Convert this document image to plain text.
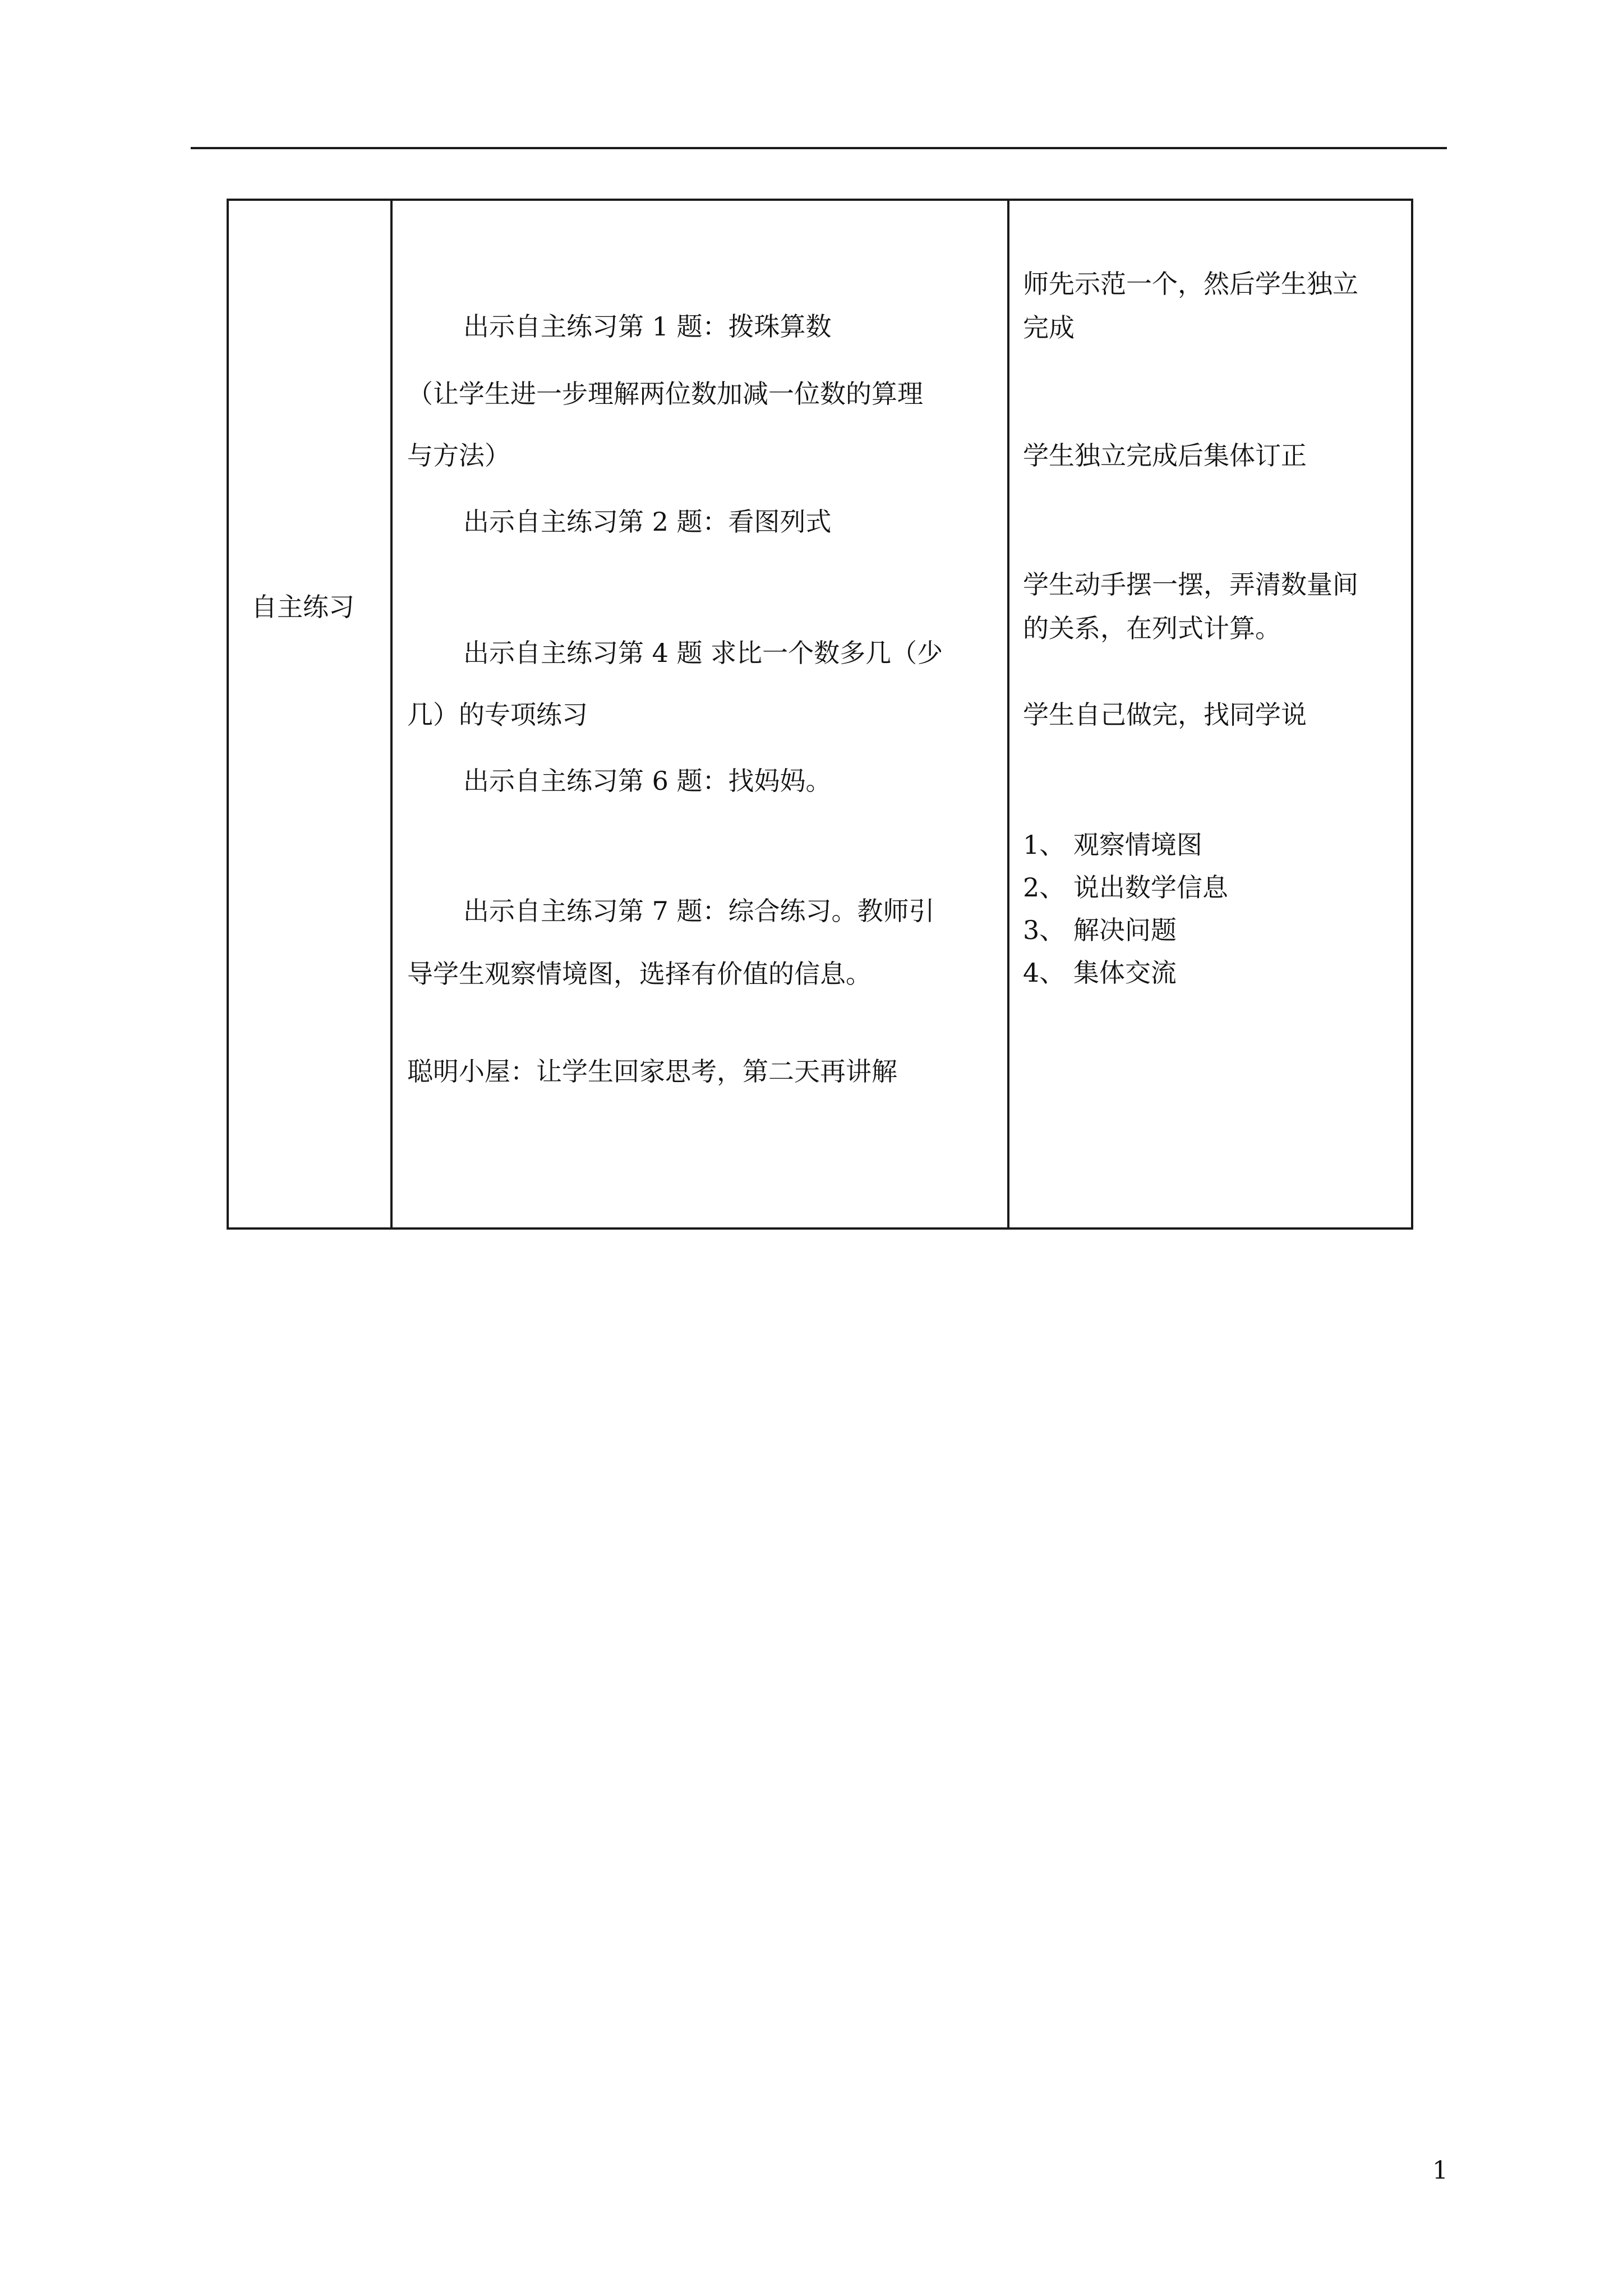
自主练习
出示自主练习第 1 题：拨珠算数
（让学生进一步理解两位数加减一位数的算理
与方法）
出示自主练习第 2 题：看图列式
出示自主练习第 4 题 求比一个数多几（少
几）的专项练习
出示自主练习第 6 题：找妈妈。
出示自主练习第 7 题：综合练习。教师引
导学生观察情境图，选择有价值的信息。
聪明小屋：让学生回家思考，第二天再讲解
师先示范一个，然后学生独立
完成
学生独立完成后集体订正
学生动手摆一摆，弄清数量间
的关系，在列式计算。
学生自己做完，找同学说
1、 观察情境图
2、 说出数学信息
3、 解决问题
4、 集体交流
1
